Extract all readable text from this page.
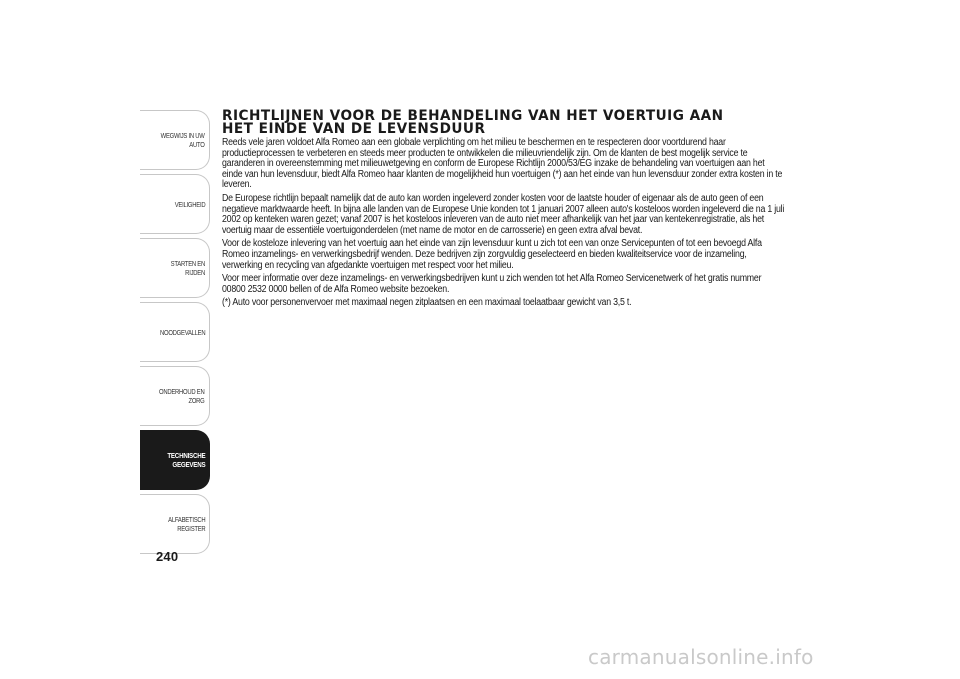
WEGWIJS IN UW
AUTO
VEILIGHEID
STARTEN EN RIJDEN
NOODGEVALLEN
ONDERHOUD EN
ZORG
TECHNISCHE
GEGEVENS
ALFABETISCH
REGISTER
240
RICHTLIJNEN VOOR DE BEHANDELING VAN HET VOERTUIG AAN
HET EINDE VAN DE LEVENSDUUR

Reeds vele jaren voldoet Alfa Romeo aan een globale verplichting om het milieu te beschermen en te respecteren door voortdurend haar productieprocessen te verbeteren en steeds meer producten te ontwikkelen die milieuvriendelijk zijn. Om de klanten de best mogelijk service te garanderen in overeenstemming met milieuwetgeving en conform de Europese Richtlijn 2000/53/EG inzake de behandeling van voertuigen aan het einde van hun levensduur, biedt Alfa Romeo haar klanten de mogelijkheid hun voertuigen (*) aan het einde van hun levensduur zonder extra kosten in te leveren.

De Europese richtlijn bepaalt namelijk dat de auto kan worden ingeleverd zonder kosten voor de laatste houder of eigenaar als de auto geen of een negatieve marktwaarde heeft. In bijna alle landen van de Europese Unie konden tot 1 januari 2007 alleen auto's kosteloos worden ingeleverd die na 1 juli 2002 op kenteken waren gezet; vanaf 2007 is het kosteloos inleveren van de auto niet meer afhankelijk van het jaar van kentekenregistratie, als het voertuig maar de essentiële voertuigonderdelen (met name de motor en de carrosserie) en geen extra afval bevat.

Voor de kosteloze inlevering van het voertuig aan het einde van zijn levensduur kunt u zich tot een van onze Servicepunten of tot een bevoegd Alfa Romeo inzamelings- en verwerkingsbedrijf wenden. Deze bedrijven zijn zorgvuldig geselecteerd en bieden kwaliteitservice voor de inzameling, verwerking en recycling van afgedankte voertuigen met respect voor het milieu.

Voor meer informatie over deze inzamelings- en verwerkingsbedrijven kunt u zich wenden tot het Alfa Romeo Servicenetwerk of het gratis nummer 00800 2532 0000 bellen of de Alfa Romeo website bezoeken.

(*) Auto voor personenvervoer met maximaal negen zitplaatsen en een maximaal toelaatbaar gewicht van 3,5 t.

carmanualsonline.info
